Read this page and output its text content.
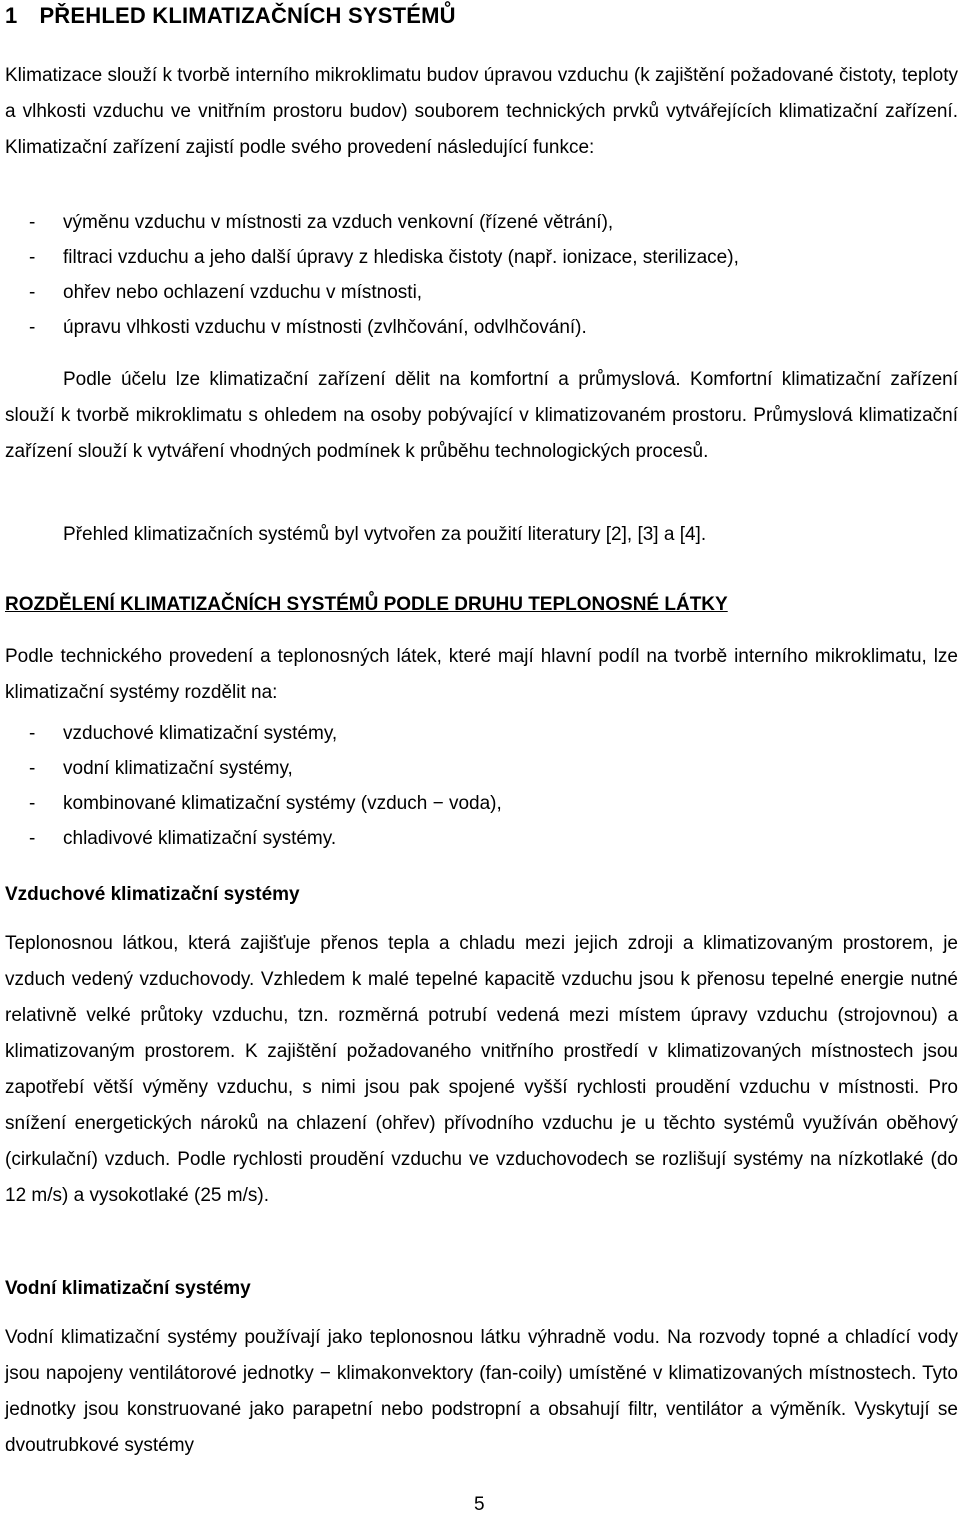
1 PŘEHLED KLIMATIZAČNÍCH SYSTÉMŮ

Klimatizace slouží k tvorbě interního mikroklimatu budov úpravou vzduchu (k zajištění požadované čistoty, teploty a vlhkosti vzduchu ve vnitřním prostoru budov) souborem technických prvků vytvářejících klimatizační zařízení. Klimatizační zařízení zajistí podle svého provedení následující funkce:

- výměnu vzduchu v místnosti za vzduch venkovní (řízené větrání),
- filtraci vzduchu a jeho další úpravy z hlediska čistoty (např. ionizace, sterilizace),
- ohřev nebo ochlazení vzduchu v místnosti,
- úpravu vlhkosti vzduchu v místnosti (zvlhčování, odvlhčování).

Podle účelu lze klimatizační zařízení dělit na komfortní a průmyslová. Komfortní klimatizační zařízení slouží k tvorbě mikroklimatu s ohledem na osoby pobývající v klimatizovaném prostoru. Průmyslová klimatizační zařízení slouží k vytváření vhodných podmínek k průběhu technologických procesů.

Přehled klimatizačních systémů byl vytvořen za použití literatury [2], [3] a [4].

ROZDĚLENÍ KLIMATIZAČNÍCH SYSTÉMŮ PODLE DRUHU TEPLONOSNÉ LÁTKY

Podle technického provedení a teplonosných látek, které mají hlavní podíl na tvorbě interního mikroklimatu, lze klimatizační systémy rozdělit na:

- vzduchové klimatizační systémy,
- vodní klimatizační systémy,
- kombinované klimatizační systémy (vzduch − voda),
- chladivové klimatizační systémy.
Vzduchové klimatizační systémy

Teplonosnou látkou, která zajišťuje přenos tepla a chladu mezi jejich zdroji a klimatizovaným prostorem, je vzduch vedený vzduchovody. Vzhledem k malé tepelné kapacitě vzduchu jsou k přenosu tepelné energie nutné relativně velké průtoky vzduchu, tzn. rozměrná potrubí vedená mezi místem úpravy vzduchu (strojovnou) a klimatizovaným prostorem. K zajištění požadovaného vnitřního prostředí v klimatizovaných místnostech jsou zapotřebí větší výměny vzduchu, s nimi jsou pak spojené vyšší rychlosti proudění vzduchu v místnosti. Pro snížení energetických nároků na chlazení (ohřev) přívodního vzduchu je u těchto systémů využíván oběhový (cirkulační) vzduch. Podle rychlosti proudění vzduchu ve vzduchovodech se rozlišují systémy na nízkotlaké (do 12 m/s) a vysokotlaké (25 m/s).

Vodní klimatizační systémy

Vodní klimatizační systémy používají jako teplonosnou látku výhradně vodu. Na rozvody topné a chladící vody jsou napojeny ventilátorové jednotky − klimakonvektory (fan-coily) umístěné v klimatizovaných místnostech. Tyto jednotky jsou konstruované jako parapetní nebo podstropní a obsahují filtr, ventilátor a výměník. Vyskytují se dvoutrubkové systémy

5
